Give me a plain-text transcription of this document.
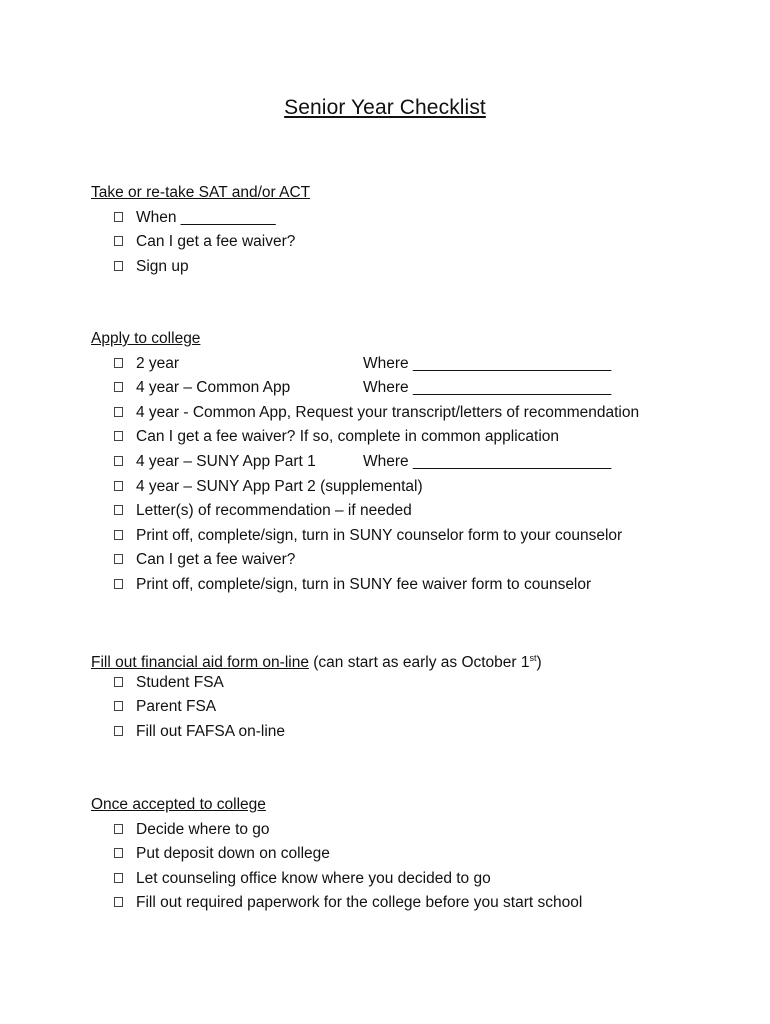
Senior Year Checklist
Take or re-take SAT and/or ACT
When ___________
Can I get a fee waiver?
Sign up
Apply to college
2 year	Where _______________________
4 year – Common App	Where _______________________
4 year - Common App, Request your transcript/letters of recommendation
Can I get a fee waiver? If so, complete in common application
4 year – SUNY App Part 1	Where _______________________
4 year – SUNY App Part 2 (supplemental)
Letter(s) of recommendation – if needed
Print off, complete/sign, turn in SUNY counselor form to your counselor
Can I get a fee waiver?
Print off, complete/sign, turn in SUNY fee waiver form to counselor
Fill out financial aid form on-line (can start as early as October 1st)
Student FSA
Parent FSA
Fill out FAFSA on-line
Once accepted to college
Decide where to go
Put deposit down on college
Let counseling office know where you decided to go
Fill out required paperwork for the college before you start school
